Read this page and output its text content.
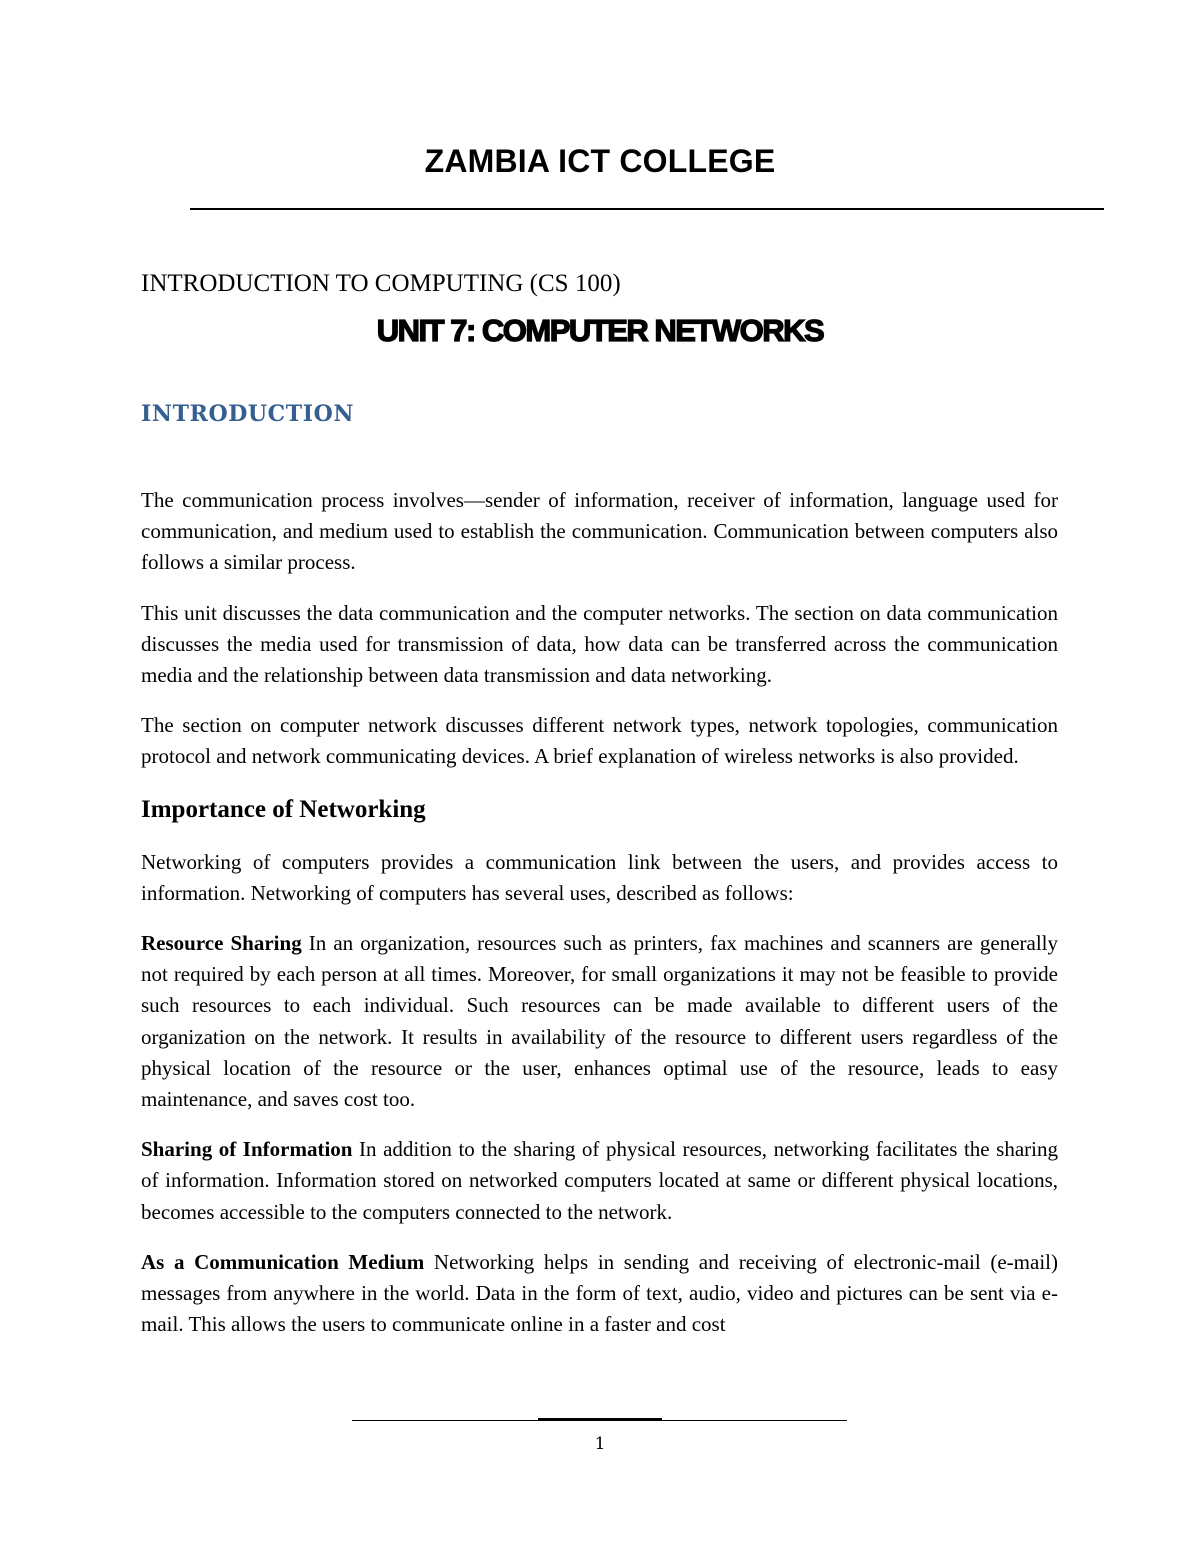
ZAMBIA ICT COLLEGE
INTRODUCTION TO COMPUTING (CS 100)
UNIT 7: COMPUTER NETWORKS
INTRODUCTION

The communication process involves—sender of information, receiver of information, language used for communication, and medium used to establish the communication. Communication between computers also follows a similar process.

This unit discusses the data communication and the computer networks. The section on data communication discusses the media used for transmission of data, how data can be transferred across the communication media and the relationship between data transmission and data networking.

The section on computer network discusses different network types, network topologies, communication protocol and network communicating devices. A brief explanation of wireless networks is also provided.

Importance of Networking

Networking of computers provides a communication link between the users, and provides access to information. Networking of computers has several uses, described as follows:

Resource Sharing In an organization, resources such as printers, fax machines and scanners are generally not required by each person at all times. Moreover, for small organizations it may not be feasible to provide such resources to each individual. Such resources can be made available to different users of the organization on the network. It results in availability of the resource to different users regardless of the physical location of the resource or the user, enhances optimal use of the resource, leads to easy maintenance, and saves cost too.

Sharing of Information In addition to the sharing of physical resources, networking facilitates the sharing of information. Information stored on networked computers located at same or different physical locations, becomes accessible to the computers connected to the network.

As a Communication Medium Networking helps in sending and receiving of electronic-mail (e-mail) messages from anywhere in the world. Data in the form of text, audio, video and pictures can be sent via e-mail. This allows the users to communicate online in a faster and cost

1
